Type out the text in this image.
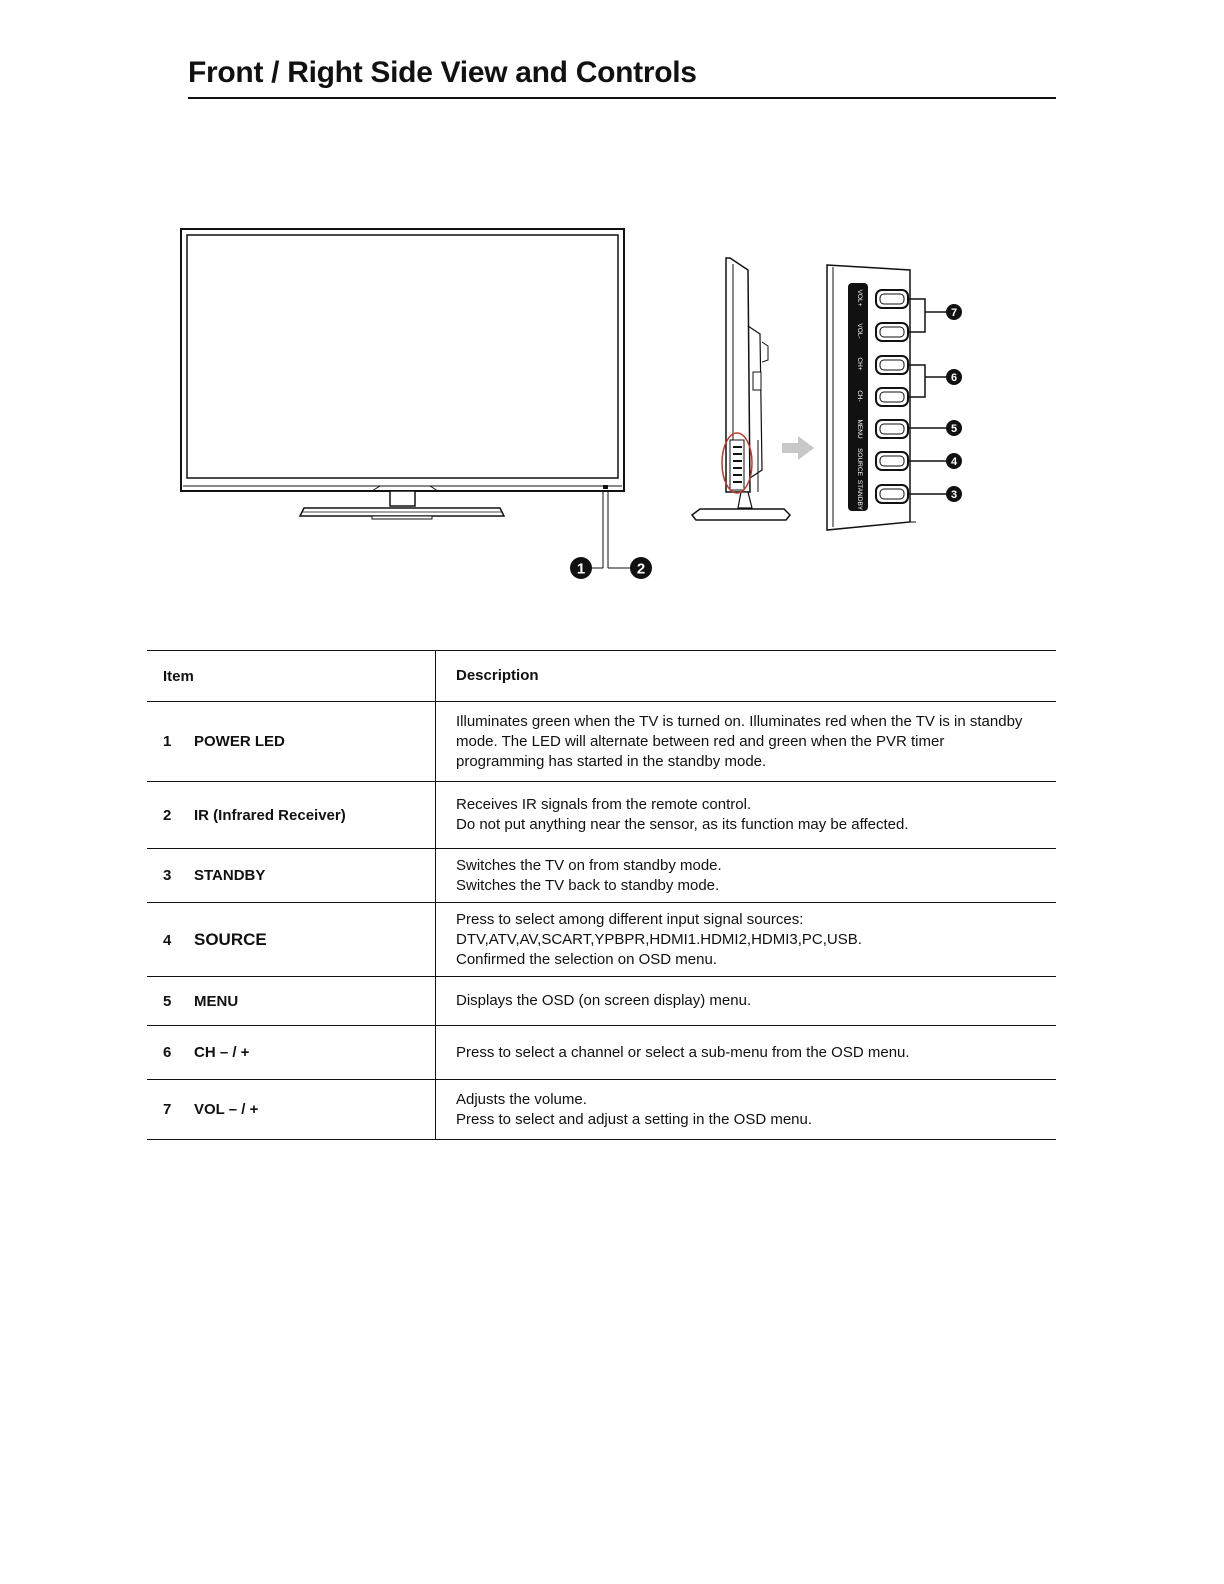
Front / Right Side View and Controls
1	2
VOL+
VOL-
CH+
CH-
MENU
SOURCE
STANDBY
7
6
5
4
3
Item	Description
1 POWER LED	Illuminates green when the TV is turned on. Illuminates red when the TV is in standby
mode. The LED will alternate between red and green when the PVR timer
programming has started in the standby mode.

2 IR (Infrared Receiver)	Receives IR signals from the remote control.
Do not put anything near the sensor, as its function may be affected.

3 STANDBY	Switches the TV on from standby mode.
Switches the TV back to standby mode.

4 SOURCE	Press to select among different input signal sources:
DTV,ATV,AV,SCART,YPBPR,HDMI1.HDMI2,HDMI3,PC,USB.
Confirmed the selection on OSD menu.

5 MENU	Displays the OSD (on screen display) menu.

6 CH – / +	Press to select a channel or select a sub-menu from the OSD menu.

7 VOL – / +	Adjusts the volume.
Press to select and adjust a setting in the OSD menu.
